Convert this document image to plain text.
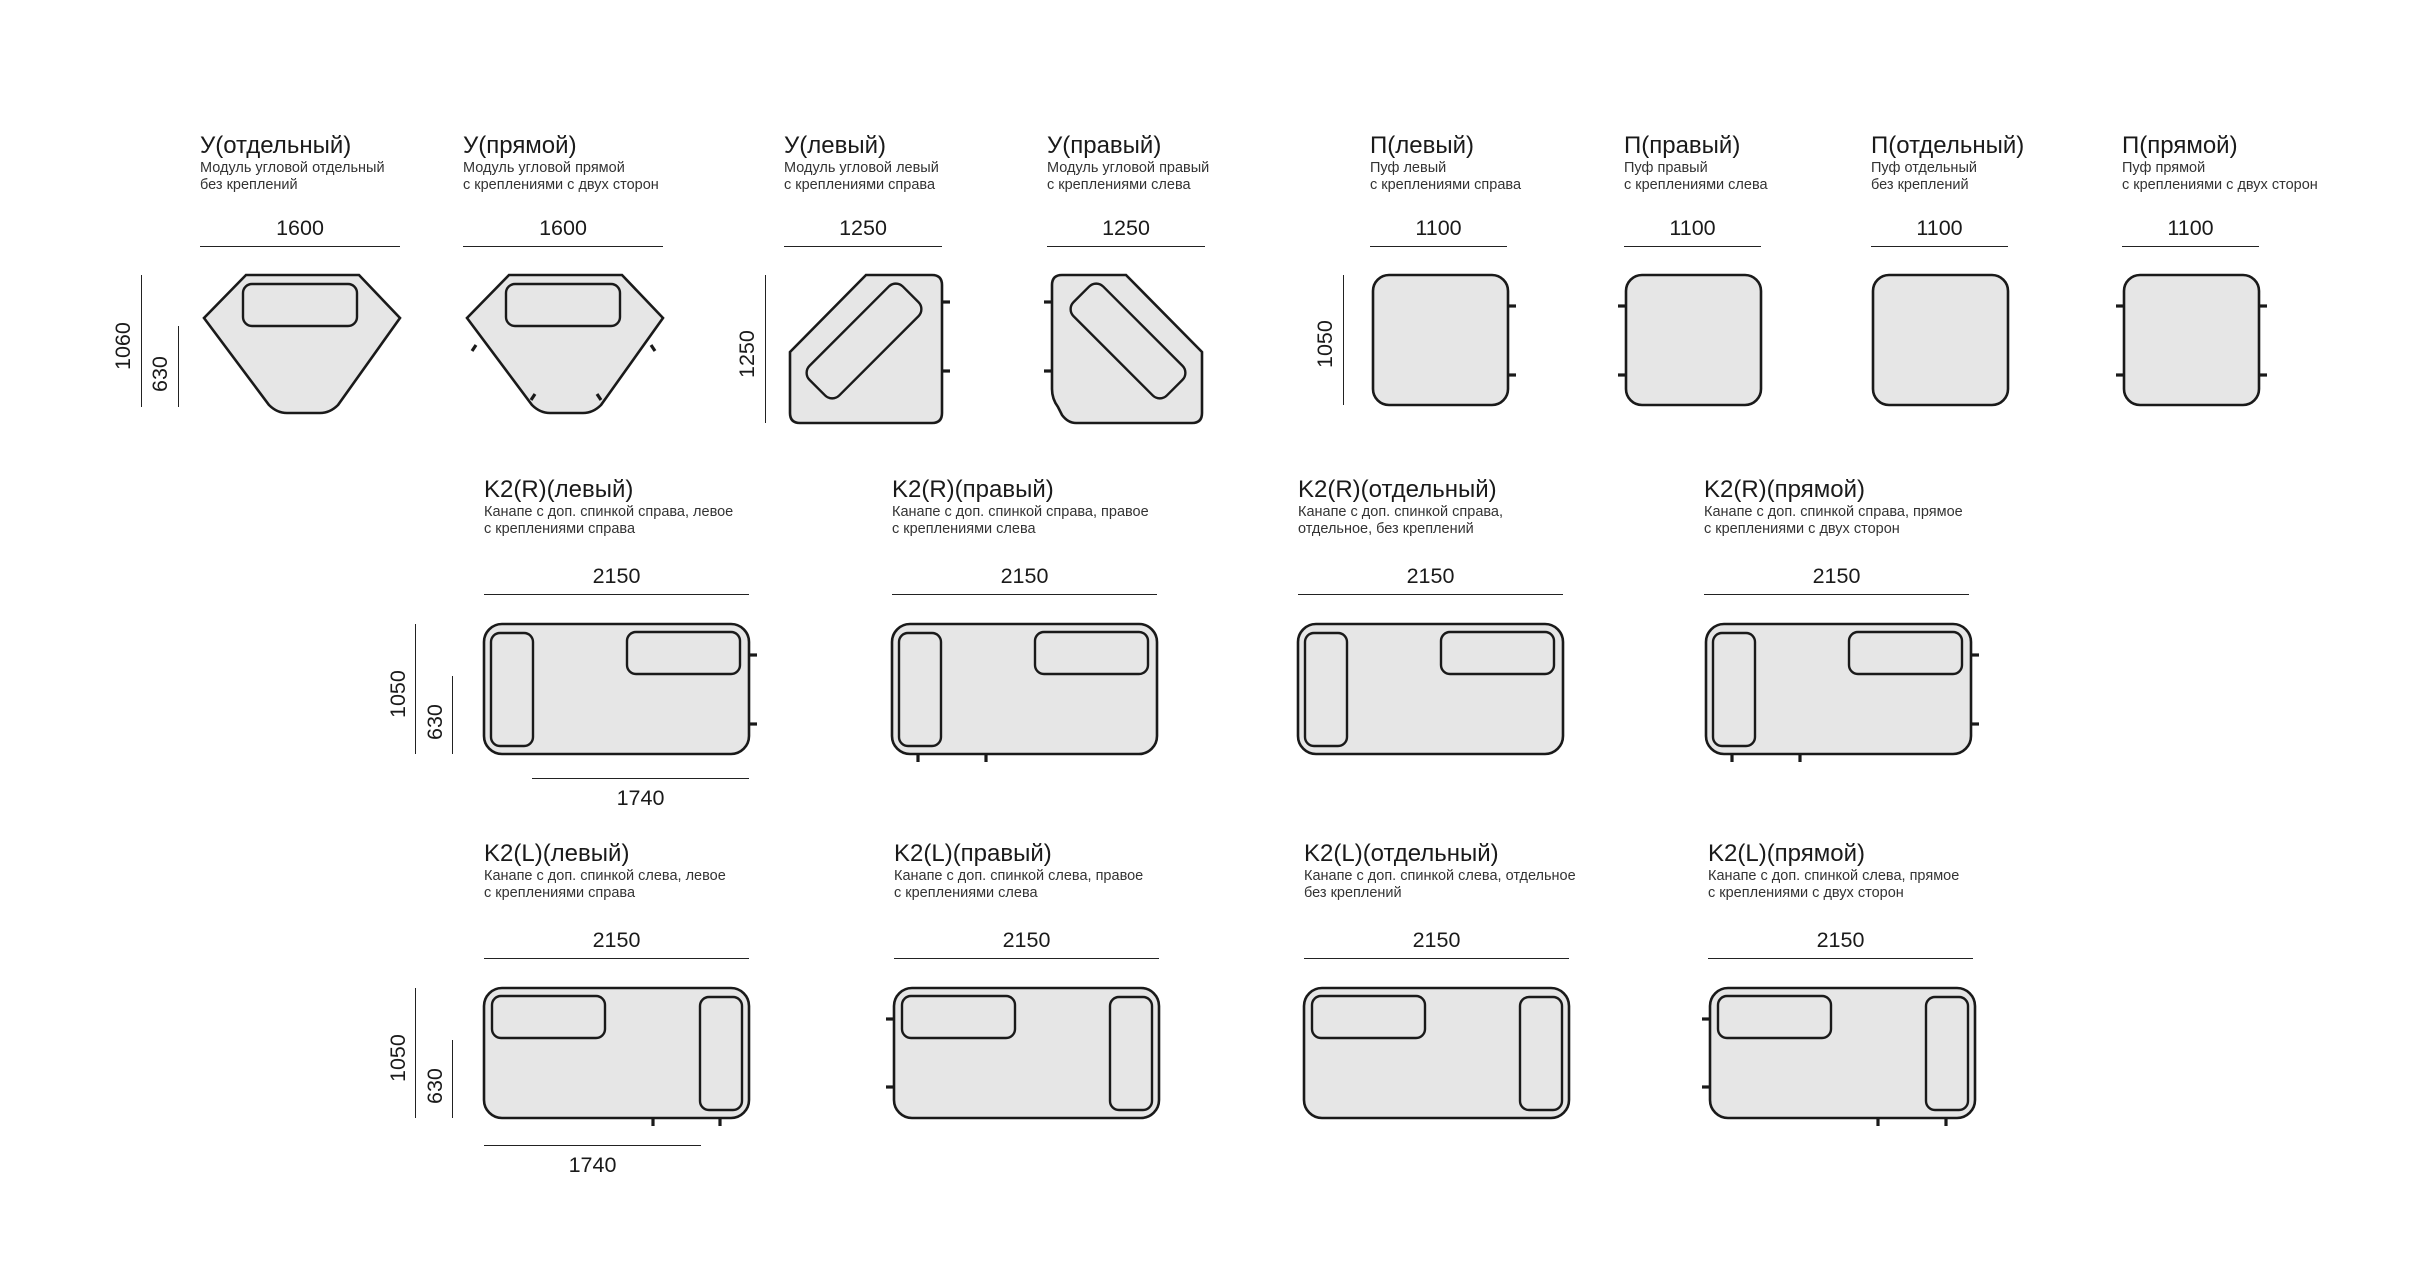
У(отдельный)
Модуль угловой отдельный
без креплений
1600
1060
630
У(прямой)
Модуль угловой прямой
с креплениями с двух сторон
1600
У(левый)
Модуль угловой левый
с креплениями справа
1250
1250
У(правый)
Модуль угловой правый
с креплениями слева
1250
П(левый)
Пуф левый
с креплениями справа
1100
1050
П(правый)
Пуф правый
с креплениями слева
1100
П(отдельный)
Пуф отдельный
без креплений
1100
П(прямой)
Пуф прямой
с креплениями с двух сторон
1100
K2(R)(левый)
Канапе с доп. спинкой справа, левое
с креплениями справа
2150
1050
630
1740
K2(R)(правый)
Канапе с доп. спинкой справа, правое
с креплениями слева
2150
K2(R)(отдельный)
Канапе с доп. спинкой справа,
отдельное, без креплений
2150
K2(R)(прямой)
Канапе с доп. спинкой справа, прямое
с креплениями с двух сторон
2150
K2(L)(левый)
Канапе с доп. спинкой слева, левое
с креплениями справа
2150
1050
630
1740
K2(L)(правый)
Канапе с доп. спинкой слева, правое
с креплениями слева
2150
K2(L)(отдельный)
Канапе с доп. спинкой слева, отдельное
без креплений
2150
K2(L)(прямой)
Канапе с доп. спинкой слева, прямое
с креплениями с двух сторон
2150
